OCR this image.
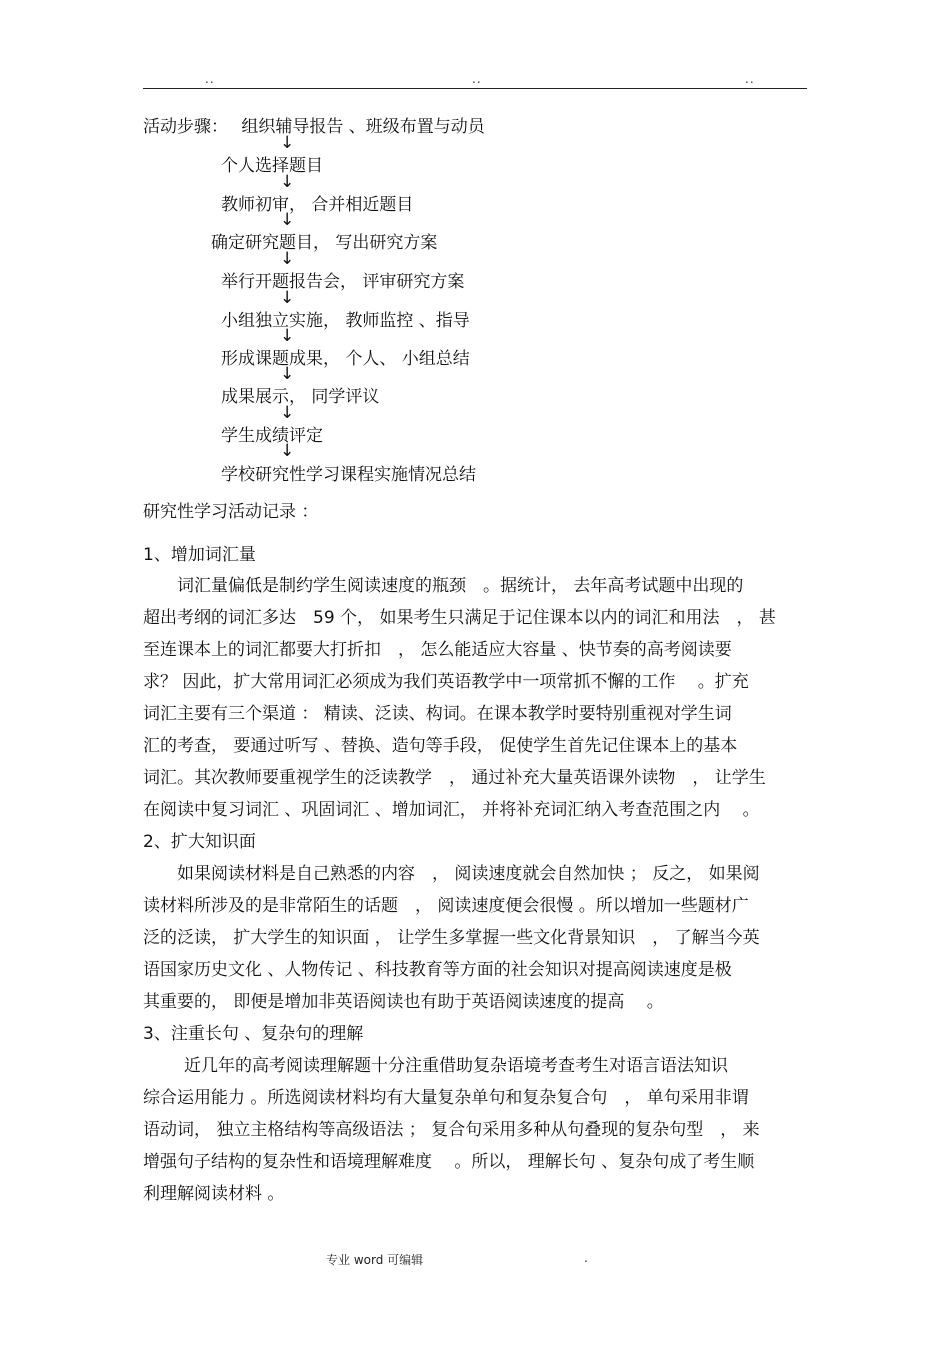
..	..	..
活动步骤： 组织辅导报告 、班级布置与动员
↓
个人选择题目
↓
教师初审， 合并相近题目
↓
确定研究题目， 写出研究方案
↓
举行开题报告会， 评审研究方案
↓
小组独立实施， 教师监控 、指导
↓
形成课题成果， 个人、 小组总结
↓
成果展示， 同学评议
↓
学生成绩评定
↓
学校研究性学习课程实施情况总结
研究性学习活动记录 ：
1、增加词汇量
词汇量偏低是制约学生阅读速度的瓶颈　。据统计， 去年高考试题中出现的
超出考纲的词汇多达　59 个， 如果考生只满足于记住课本以内的词汇和用法　， 甚
至连课本上的词汇都要大打折扣　， 怎么能适应大容量 、快节奏的高考阅读要
求？ 因此，扩大常用词汇必须成为我们英语教学中一项常抓不懈的工作　 。扩充
词汇主要有三个渠道 ： 精读、泛读、构词。在课本教学时要特别重视对学生词
汇的考查， 要通过听写 、替换、造句等手段， 促使学生首先记住课本上的基本
词汇。其次教师要重视学生的泛读教学　， 通过补充大量英语课外读物　， 让学生
在阅读中复习词汇 、巩固词汇 、增加词汇， 并将补充词汇纳入考查范围之内　 。
2、扩大知识面
如果阅读材料是自己熟悉的内容　， 阅读速度就会自然加快 ； 反之， 如果阅
读材料所涉及的是非常陌生的话题　， 阅读速度便会很慢 。所以增加一些题材广
泛的泛读， 扩大学生的知识面 ， 让学生多掌握一些文化背景知识　， 了解当今英
语国家历史文化 、人物传记 、科技教育等方面的社会知识对提高阅读速度是极
其重要的， 即便是增加非英语阅读也有助于英语阅读速度的提高　 。
3、注重长句 、复杂句的理解
近几年的高考阅读理解题十分注重借助复杂语境考查考生对语言语法知识
综合运用能力 。所选阅读材料均有大量复杂单句和复杂复合句　， 单句采用非谓
语动词， 独立主格结构等高级语法 ； 复合句采用多种从句叠现的复杂句型　， 来
增强句子结构的复杂性和语境理解难度　 。所以， 理解长句 、复杂句成了考生顺
利理解阅读材料 。
专业 word 可编辑	.
